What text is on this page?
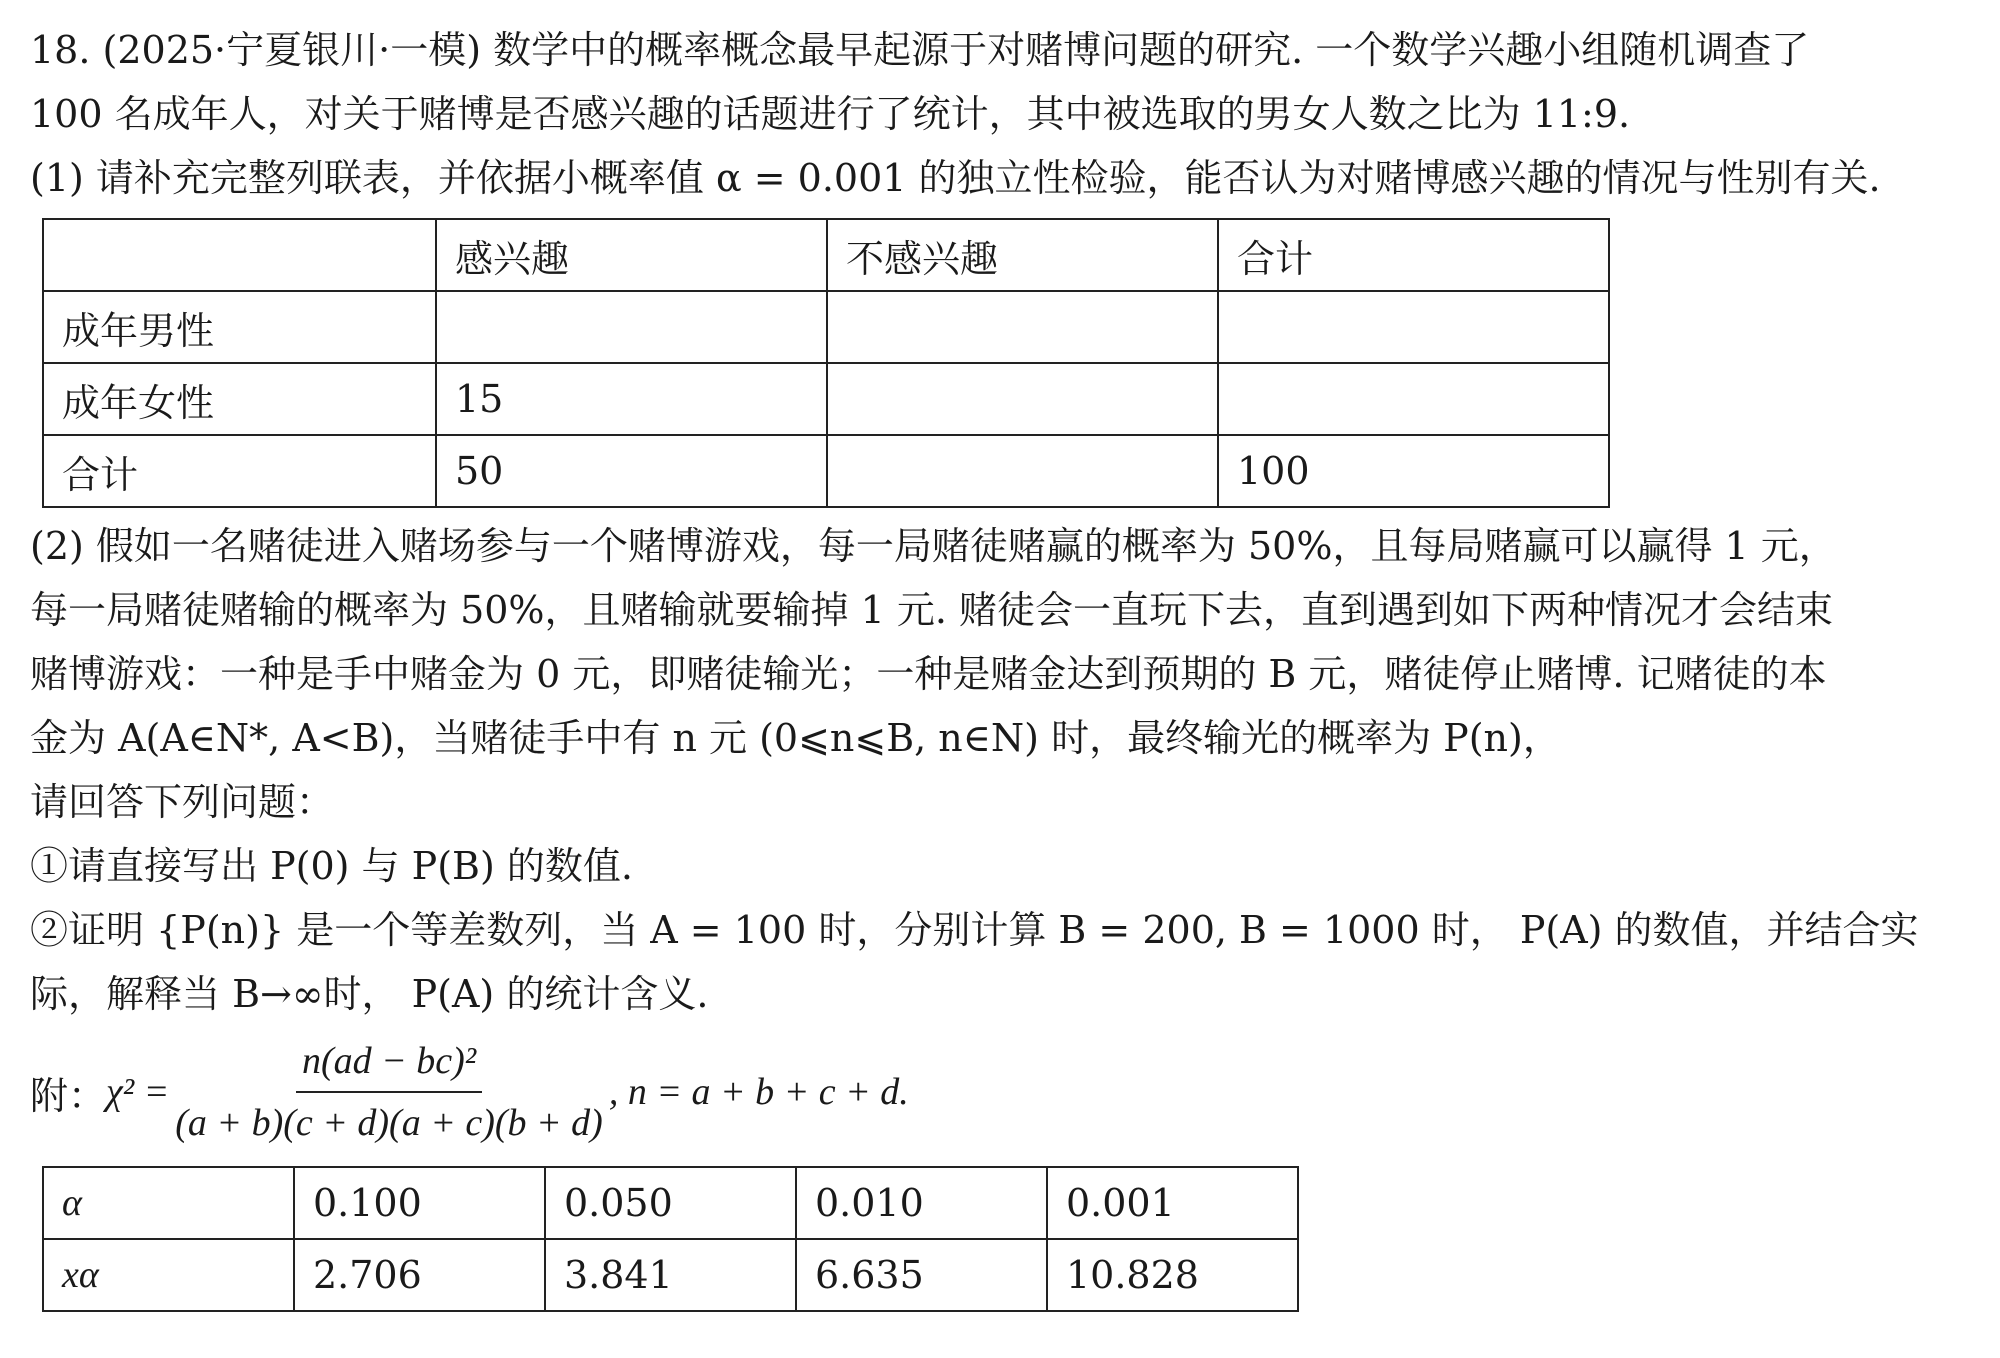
18. (2025·宁夏银川·一模) 数学中的概率概念最早起源于对赌博问题的研究. 一个数学兴趣小组随机调查了
100 名成年人，对关于赌博是否感兴趣的话题进行了统计，其中被选取的男女人数之比为 11:9.
(1) 请补充完整列联表，并依据小概率值 α = 0.001 的独立性检验，能否认为对赌博感兴趣的情况与性别有关.
	感兴趣	不感兴趣	合计
成年男性			
成年女性	15		
合计	50		100
(2) 假如一名赌徒进入赌场参与一个赌博游戏，每一局赌徒赌赢的概率为 50%，且每局赌赢可以赢得 1 元，
每一局赌徒赌输的概率为 50%，且赌输就要输掉 1 元. 赌徒会一直玩下去，直到遇到如下两种情况才会结束
赌博游戏：一种是手中赌金为 0 元，即赌徒输光；一种是赌金达到预期的 B 元，赌徒停止赌博. 记赌徒的本
金为 A(A∈N*, A<B)，当赌徒手中有 n 元 (0⩽n⩽B, n∈N) 时，最终输光的概率为 P(n)，
请回答下列问题：
①请直接写出 P(0) 与 P(B) 的数值.
②证明 {P(n)} 是一个等差数列，当 A = 100 时，分别计算 B = 200, B = 1000 时， P(A) 的数值，并结合实
际，解释当 B→∞时， P(A) 的统计含义.
附： $\chi^2 = \frac{\text{n(ad − bc)²}}{(a + b)(c + d)(a + c)(b + d)}$ , n = a + b + c + d.
α	0.100	0.050	0.010	0.001
xα	2.706	3.841	6.635	10.828
